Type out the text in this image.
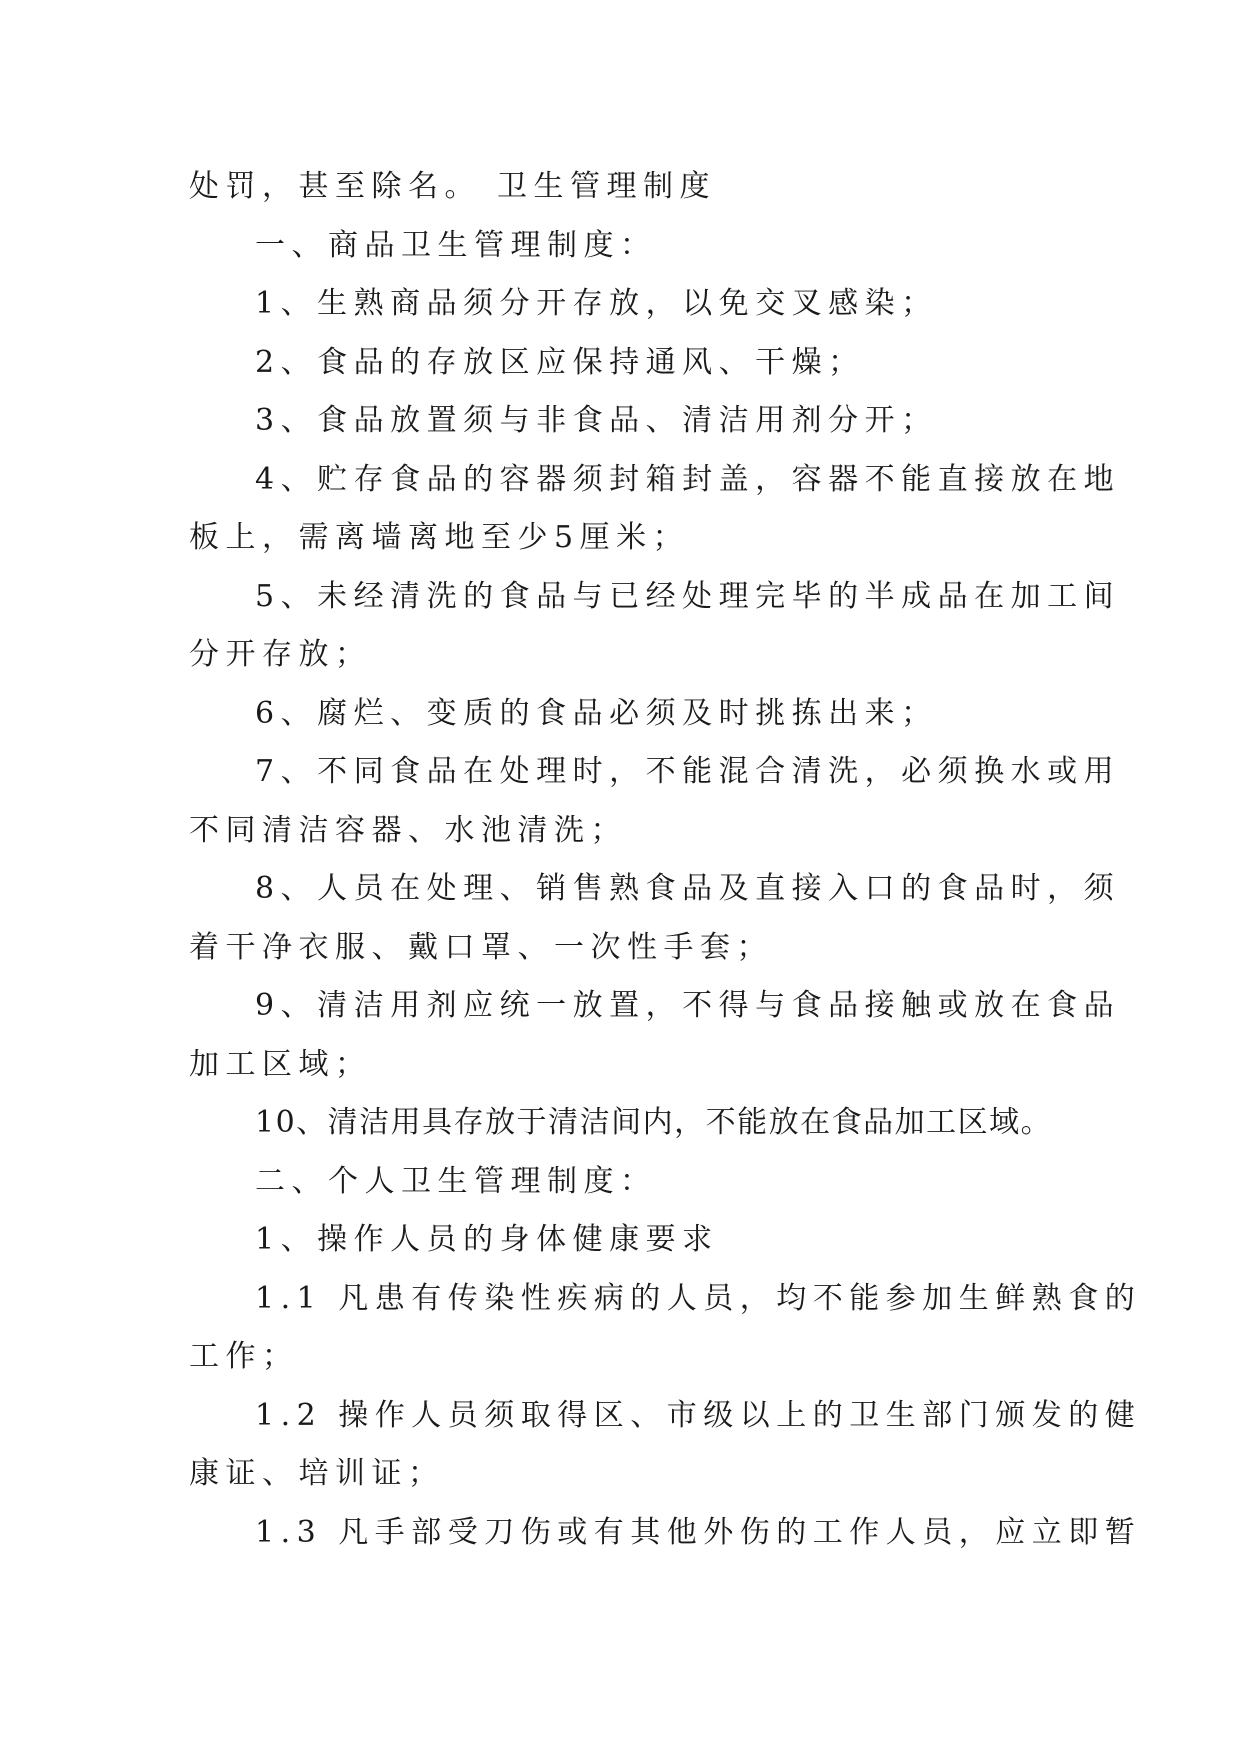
处罚，甚至除名。 卫生管理制度
一、商品卫生管理制度：
1、生熟商品须分开存放，以免交叉感染；
2、食品的存放区应保持通风、干燥；
3、食品放置须与非食品、清洁用剂分开；
4、贮存食品的容器须封箱封盖，容器不能直接放在地
板上，需离墙离地至少5厘米；
5、未经清洗的食品与已经处理完毕的半成品在加工间
分开存放；
6、腐烂、变质的食品必须及时挑拣出来；
7、不同食品在处理时，不能混合清洗，必须换水或用
不同清洁容器、水池清洗；
8、人员在处理、销售熟食品及直接入口的食品时，须
着干净衣服、戴口罩、一次性手套；
9、清洁用剂应统一放置，不得与食品接触或放在食品
加工区域；
10、清洁用具存放于清洁间内，不能放在食品加工区域。
二、个人卫生管理制度：
1、操作人员的身体健康要求
1.1 凡患有传染性疾病的人员，均不能参加生鲜熟食的
工作；
1.2 操作人员须取得区、市级以上的卫生部门颁发的健
康证、培训证；
1.3 凡手部受刀伤或有其他外伤的工作人员，应立即暂
